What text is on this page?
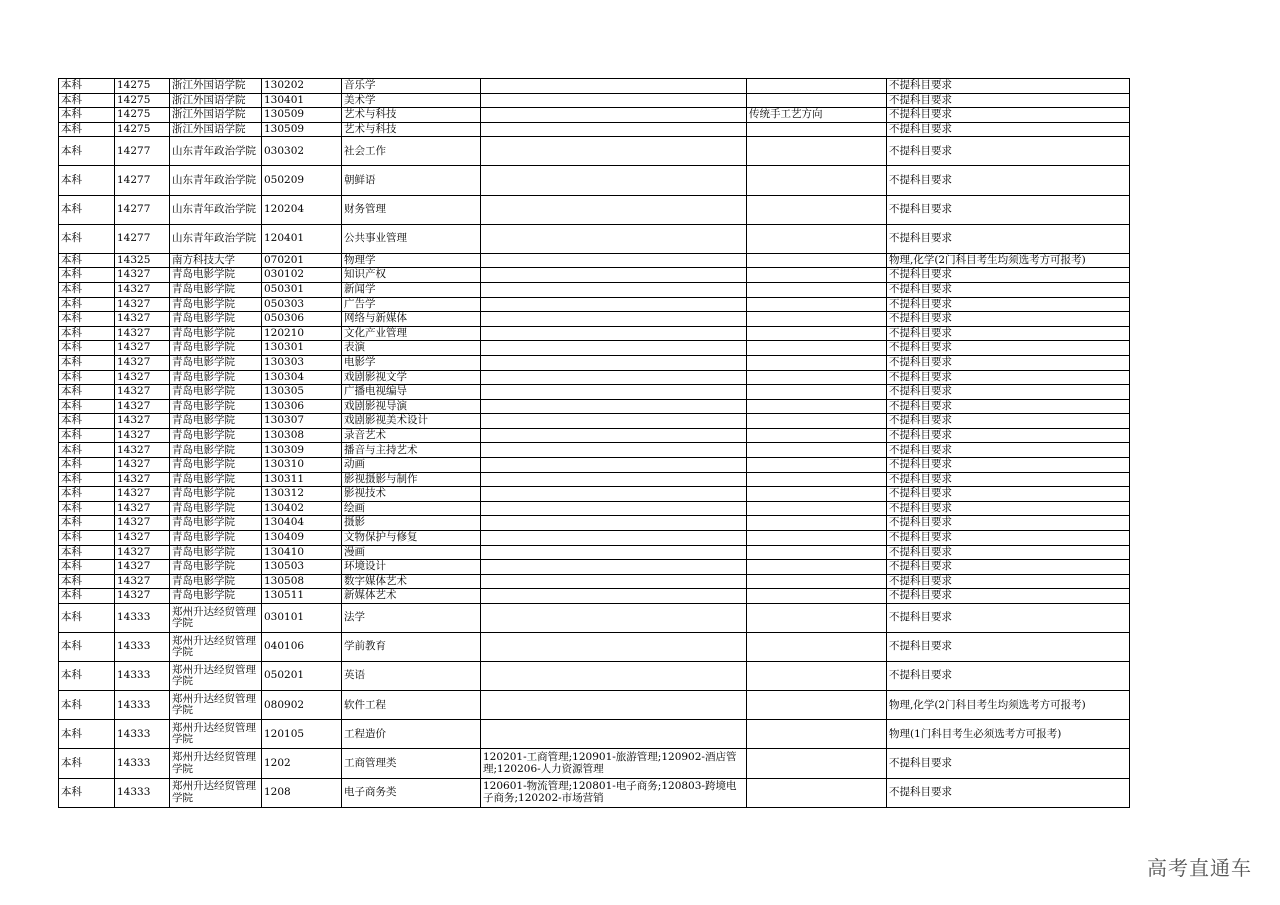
本科	14275	浙江外国语学院	130202	音乐学			不提科目要求
本科	14275	浙江外国语学院	130401	美术学			不提科目要求
本科	14275	浙江外国语学院	130509	艺术与科技		传统手工艺方向	不提科目要求
本科	14275	浙江外国语学院	130509	艺术与科技			不提科目要求
本科	14277	山东青年政治学院	030302	社会工作			不提科目要求
本科	14277	山东青年政治学院	050209	朝鲜语			不提科目要求
本科	14277	山东青年政治学院	120204	财务管理			不提科目要求
本科	14277	山东青年政治学院	120401	公共事业管理			不提科目要求
本科	14325	南方科技大学	070201	物理学			物理,化学(2门科目考生均须选考方可报考)
本科	14327	青岛电影学院	030102	知识产权			不提科目要求
本科	14327	青岛电影学院	050301	新闻学			不提科目要求
本科	14327	青岛电影学院	050303	广告学			不提科目要求
本科	14327	青岛电影学院	050306	网络与新媒体			不提科目要求
本科	14327	青岛电影学院	120210	文化产业管理			不提科目要求
本科	14327	青岛电影学院	130301	表演			不提科目要求
本科	14327	青岛电影学院	130303	电影学			不提科目要求
本科	14327	青岛电影学院	130304	戏剧影视文学			不提科目要求
本科	14327	青岛电影学院	130305	广播电视编导			不提科目要求
本科	14327	青岛电影学院	130306	戏剧影视导演			不提科目要求
本科	14327	青岛电影学院	130307	戏剧影视美术设计			不提科目要求
本科	14327	青岛电影学院	130308	录音艺术			不提科目要求
本科	14327	青岛电影学院	130309	播音与主持艺术			不提科目要求
本科	14327	青岛电影学院	130310	动画			不提科目要求
本科	14327	青岛电影学院	130311	影视摄影与制作			不提科目要求
本科	14327	青岛电影学院	130312	影视技术			不提科目要求
本科	14327	青岛电影学院	130402	绘画			不提科目要求
本科	14327	青岛电影学院	130404	摄影			不提科目要求
本科	14327	青岛电影学院	130409	文物保护与修复			不提科目要求
本科	14327	青岛电影学院	130410	漫画			不提科目要求
本科	14327	青岛电影学院	130503	环境设计			不提科目要求
本科	14327	青岛电影学院	130508	数字媒体艺术			不提科目要求
本科	14327	青岛电影学院	130511	新媒体艺术			不提科目要求
本科	14333	郑州升达经贸管理学院	030101	法学			不提科目要求
本科	14333	郑州升达经贸管理学院	040106	学前教育			不提科目要求
本科	14333	郑州升达经贸管理学院	050201	英语			不提科目要求
本科	14333	郑州升达经贸管理学院	080902	软件工程			物理,化学(2门科目考生均须选考方可报考)
本科	14333	郑州升达经贸管理学院	120105	工程造价			物理(1门科目考生必须选考方可报考)
本科	14333	郑州升达经贸管理学院	1202	工商管理类	120201-工商管理;120901-旅游管理;120902-酒店管理;120206-人力资源管理		不提科目要求
本科	14333	郑州升达经贸管理学院	1208	电子商务类	120601-物流管理;120801-电子商务;120803-跨境电子商务;120202-市场营销		不提科目要求
高考直通车
